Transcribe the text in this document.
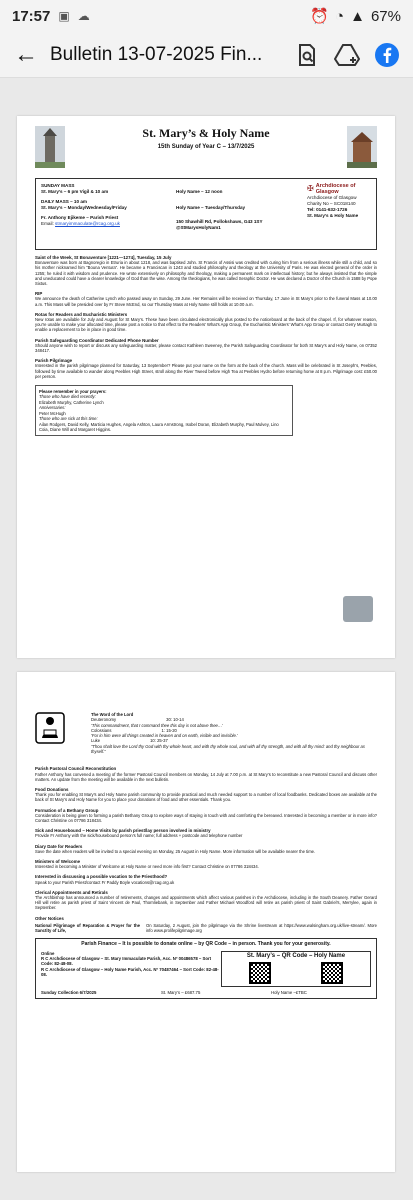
17:57 ▣ ☁	⏰ ◔ ▲ 67%
← Bulletin 13-07-2025 Fin...
St. Mary’s & Holy Name
15th Sunday of Year C – 13/7/2025
SUNDAY MASS
St. Mary’s – 6 pm Vigil & 10 am
DAILY MASS – 10 am
St. Mary’s – Monday/Wednesday/Friday
Fr. Anthony Ejikeme – Parish Priest
Email: stmaryimmaculate@rcag.org.uk
Holy Name – 12 noon
Holy Name – Tuesday/Thursday
150 Shawhill Rd, Pollokshaws, G43 1SY
@StMarysHolyNam1
✠ Archdiocese of Glasgow
Archdiocese of Glasgow
Charity No – SC018140
Tel: 0141-632-1726
St. Mary’s & Holy Name
Saint of the Week, St Bonaventure [1221—1274], Tuesday, 15 July
Bonaventure was born at Bagnoregio in Etruria in about 1218, and was baptised John. St Francis of Assisi was credited with curing him from a serious illness while still a child, and so his mother nicknamed him “Bouna Ventura”. He became a Franciscan in 1243 and studied philosophy and theology at the University of Paris. He was elected general of the order in 1255; he ruled it with wisdom and prudence. He wrote extensively on philosophy and theology, making a permanent mark on intellectual history; but he always insisted that the simple and uneducated could have a clearer knowledge of God than the wise. Among the theologians, he was called Seraphic Doctor. He was declared a Doctor of the Church in 1588 by Pope Sixtus.
RIP
We announce the death of Catherine Lynch who passed away on Sunday, 29 June. Her Remains will be received on Thursday, 17 June in St Mary’s prior to the funeral Mass at 10.00 a.m. This Mass will be presided over by Fr Steve McEnd, so our Thursday Mass at Holy Name still holds at 10.00 a.m.
Rotas for Readers and Eucharistic Ministers
New rotas are available for July and August for St Mary’s. These have been circulated electronically plus posted to the noticeboard at the back of the chapel. If, for whatever reason, you’re unable to make your allocated time, please post a notice to that effect to the Readers’ What’s App Group, the Eucharistic Ministers’ What’s App Group or contact Gerry Murtagh to enable a replacement to be in place in good time.
Parish Safeguarding Coordinator Dedicated Phone Number
Should anyone wish to report or discuss any safeguarding matter, please contact Kathleen Sweeney, the Parish Safeguarding Coordinator for both St Mary’s and Holy Name, on 07352 348417.
Parish Pilgrimage
Interested in the parish pilgrimage planned for Saturday, 13 September? Please put your name on the form at the back of the church. Mass will be celebrated in St Joseph’s, Peebles, followed by time available to wander along Peebles High Street, stroll along the River Tweed before High Tea at Peebles Hydro before returning home at 8 p.m. Pilgrimage cost: £50.00 per person.
Please remember in your prayers:
Those who have died recently:
Elizabeth Murphy, Catherine Lynch
Anniversaries:
Peter McHugh
Those who are sick at this time:
Ailan Rodgers, David Kelly, Marticia Hughes, Angela Ashton, Laura Armstrong, Isobel Doran, Elizabeth Murphy, Paul Mulvey, Lino Coia, Diane Will and Margaret Higgins.
The Word of the Lord
Deuteronomy	30: 10-14
‘This commandment, that I command thee this day is not above thee…’
Colossians	1: 15-20
‘For in him were all things created in heaven and on earth, visible and invisible.’
Luke	10: 25-37
“Thou shalt love the Lord thy God with thy whole heart, and with thy whole soul, and with all thy strength, and with all thy mind: and thy neighbour as thyself.”
Parish Pastoral Council Reconstitution
Father Anthony has convened a meeting of the former Pastoral Council members on Monday, 14 July at 7.00 p.m. at St Mary’s to reconstitute a new Pastoral Council and discuss other matters. An update from the meeting will be available in the next bulletin.
Food Donations
Thank you for enabling St Mary’s and Holy Name parish community to provide practical and much needed support to a number of local foodbanks. Dedicated boxes are available at the back of St Mary’s and Holy Name for you to place your donations of food and other essentials. Thank you.
Formation of a Bethany Group
Consideration is being given to forming a parish Bethany Group to explore ways of staying in touch with and comforting the bereaved. Interested in becoming a member or in more info? Contact Christine on 07786 318434.
Sick and Housebound – Home Visits by parish priest/lay person involved in ministry
Provide Fr Anthony with the sick/housebound person’s full name; full address + postcode and telephone number
Diary Date for Readers
Save the date when readers will be invited to a special evening on Monday, 25 August in Holy Name. More information will be available nearer the time.
Ministers of Welcome
Interested in becoming a Minister of Welcome at Holy Name or need more info first? Contact Christine on 07786 318434.
Interested in discussing a possible vocation to the Priesthood?
Speak to your Parish Priest/contact Fr Paddy Boyle vocations@rcag.org.uk
Clerical Appointments and Retirals
The Archbishop has announced a number of retirements, changes and appointments which affect various parishes in the Archdiocese, including in the South Deanery. Father Gerard Hill will retire as parish priest of Saint Vincent de Paul, Thornliebank, in September and Father Michael Woodford will retire as parish priest of Saint Gabriel’s, Merrylee, again in September.
Other Notices
National Pilgrimage of Reparation & Prayer for the Sanctity of Life,
On Saturday, 2 August, join the pilgrimage via the Shrine livestream at https://www.walsingham.org.uk/live-stream/. More info www.prolifepilgrimage.org
Parish Finance – It is possible to donate online – by QR Code – in person. Thank you for your generosity.
Online
R C Archdiocese of Glasgow – St. Mary Immaculate Parish, Acc. Nº 00486578 – Sort Code: 82-48-08.
R C Archdiocese of Glasgow – Holy Name Parish, Acc. Nº 70487464 – Sort Code: 82-48-08.
St. Mary’s – QR Code – Holy Name
Sunday Collection 6/7/2025	St. Mary’s – £687.75	Holy Name –£TBC
